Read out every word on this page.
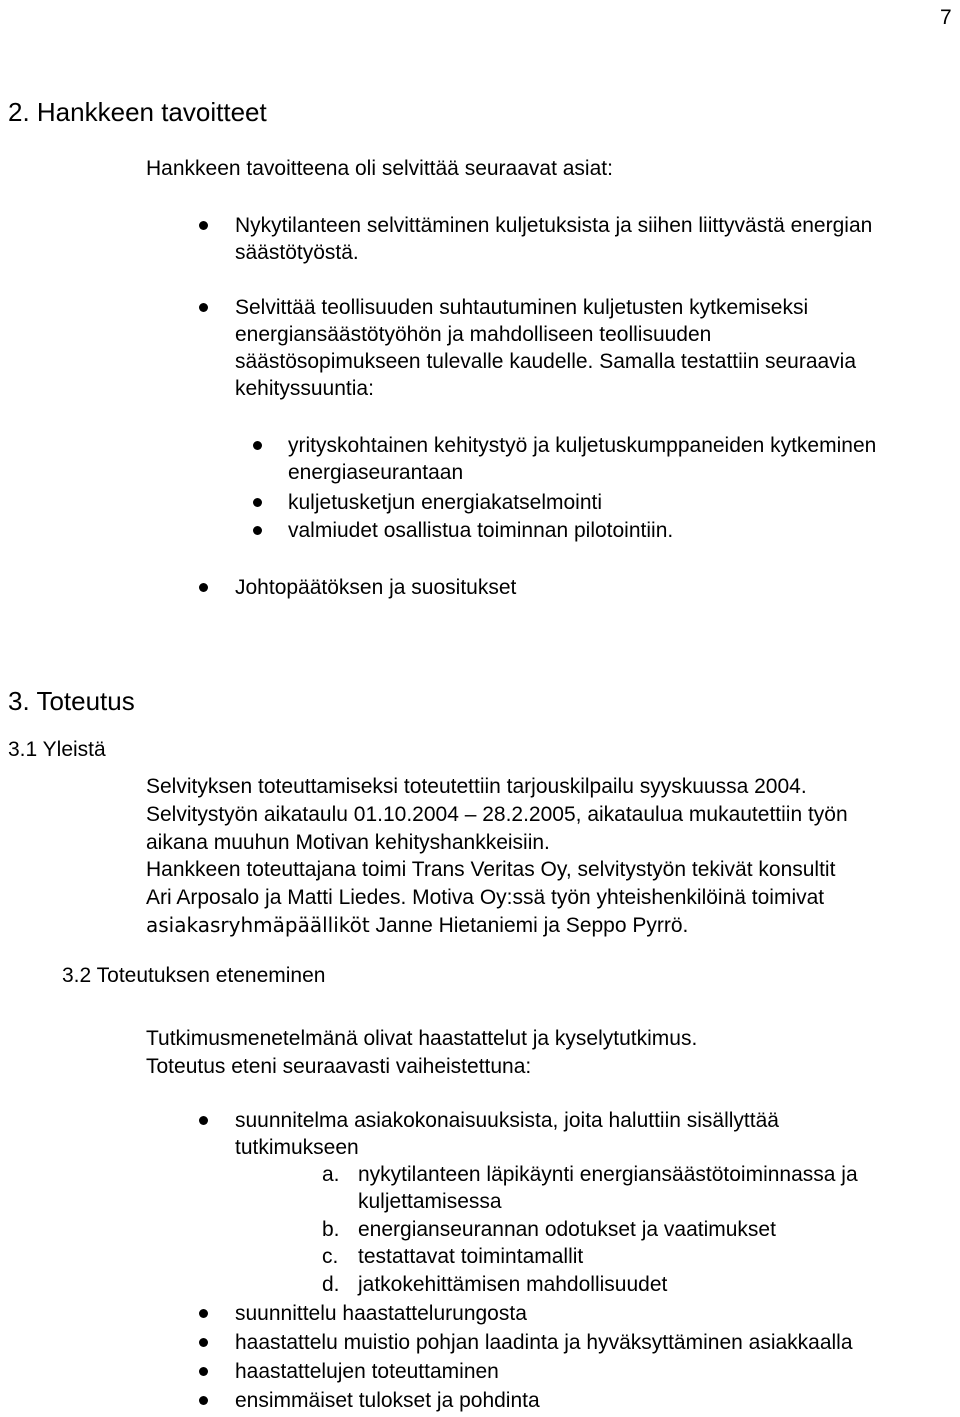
7
2. Hankkeen tavoitteet
Hankkeen tavoitteena oli selvittää seuraavat asiat:
Nykytilanteen selvittäminen kuljetuksista ja siihen liittyvästä energian
säästötyöstä.
Selvittää teollisuuden suhtautuminen kuljetusten kytkemiseksi
energiansäästötyöhön ja mahdolliseen teollisuuden
säästösopimukseen tulevalle kaudelle. Samalla testattiin seuraavia
kehityssuuntia:
yrityskohtainen kehitystyö ja kuljetuskumppaneiden kytkeminen
energiaseurantaan
kuljetusketjun energiakatselmointi
valmiudet osallistua toiminnan pilotointiin.
Johtopäätöksen ja suositukset
3. Toteutus
3.1 Yleistä
Selvityksen toteuttamiseksi toteutettiin tarjouskilpailu syyskuussa 2004.
Selvitystyön aikataulu 01.10.2004 – 28.2.2005, aikataulua mukautettiin työn
aikana muuhun Motivan kehityshankkeisiin.
Hankkeen toteuttajana toimi Trans Veritas Oy, selvitystyön tekivät konsultit
Ari Arposalo ja Matti Liedes. Motiva Oy:ssä työn yhteishenkilöinä toimivat
asiakasryhmäpäälliköt Janne Hietaniemi ja Seppo Pyrrö.
3.2 Toteutuksen eteneminen
Tutkimusmenetelmänä olivat haastattelut ja kyselytutkimus.
Toteutus eteni seuraavasti vaiheistettuna:
suunnitelma asiakokonaisuuksista, joita haluttiin sisällyttää
tutkimukseen
a. nykytilanteen läpikäynti energiansäästötoiminnassa ja
kuljettamisessa
b. energianseurannan odotukset ja vaatimukset
c. testattavat toimintamallit
d. jatkokehittämisen mahdollisuudet
suunnittelu haastattelurungosta
haastattelu muistio pohjan laadinta ja hyväksyttäminen asiakkaalla
haastattelujen toteuttaminen
ensimmäiset tulokset ja pohdinta
